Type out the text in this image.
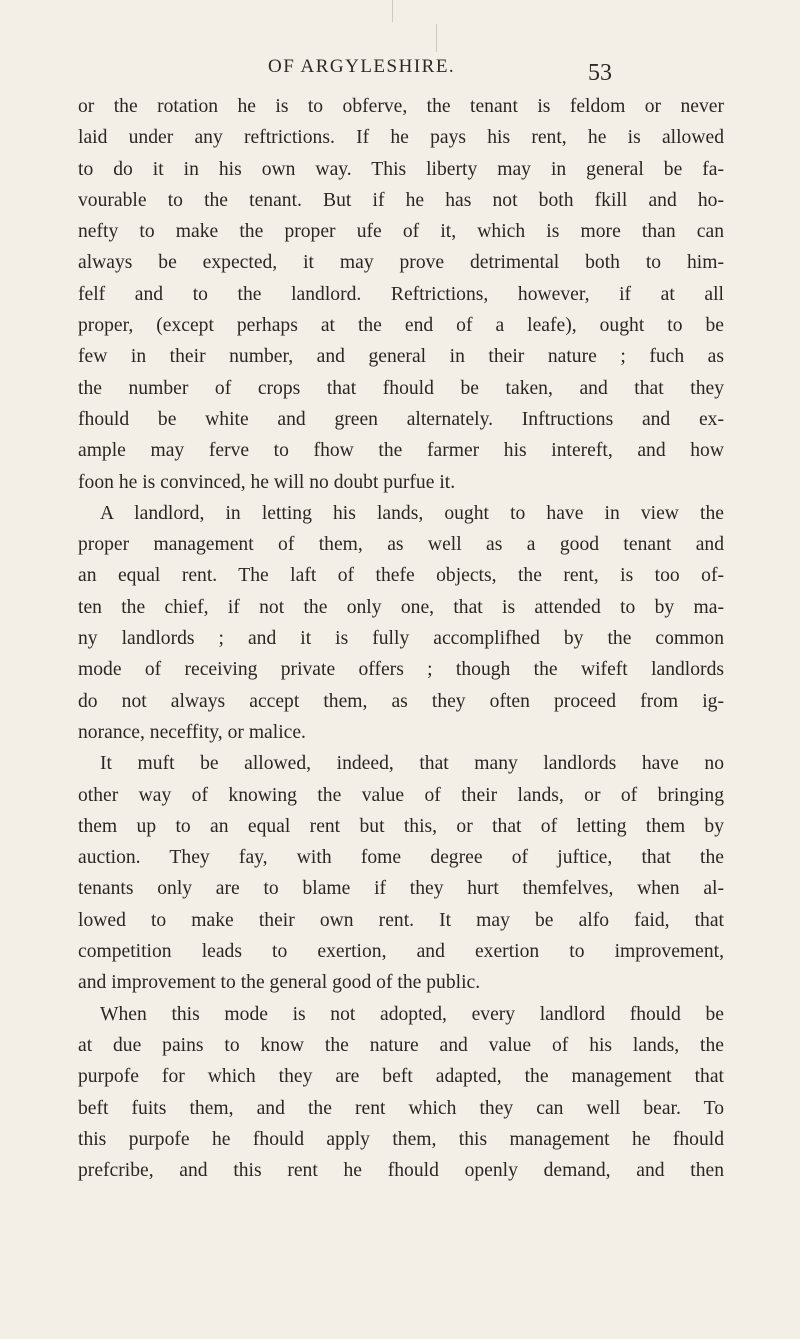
OF ARGYLESHIRE.	53
or the rotation he is to obferve, the tenant is feldom or never
laid under any reftrictions. If he pays his rent, he is allowed
to do it in his own way. This liberty may in general be fa-
vourable to the tenant. But if he has not both fkill and ho-
nefty to make the proper ufe of it, which is more than can
always be expected, it may prove detrimental both to him-
felf and to the landlord. Reftrictions, however, if at all
proper, (except perhaps at the end of a leafe), ought to be
few in their number, and general in their nature ; fuch as
the number of crops that fhould be taken, and that they
fhould be white and green alternately. Inftructions and ex-
ample may ferve to fhow the farmer his intereft, and how
foon he is convinced, he will no doubt purfue it.
A landlord, in letting his lands, ought to have in view the
proper management of them, as well as a good tenant and
an equal rent. The laft of thefe objects, the rent, is too of-
ten the chief, if not the only one, that is attended to by ma-
ny landlords ; and it is fully accomplifhed by the common
mode of receiving private offers ; though the wifeft landlords
do not always accept them, as they often proceed from ig-
norance, neceffity, or malice.
It muft be allowed, indeed, that many landlords have no
other way of knowing the value of their lands, or of bringing
them up to an equal rent but this, or that of letting them by
auction. They fay, with fome degree of juftice, that the
tenants only are to blame if they hurt themfelves, when al-
lowed to make their own rent. It may be alfo faid, that
competition leads to exertion, and exertion to improvement,
and improvement to the general good of the public.
When this mode is not adopted, every landlord fhould be
at due pains to know the nature and value of his lands, the
purpofe for which they are beft adapted, the management that
beft fuits them, and the rent which they can well bear. To
this purpofe he fhould apply them, this management he fhould
prefcribe, and this rent he fhould openly demand, and then
